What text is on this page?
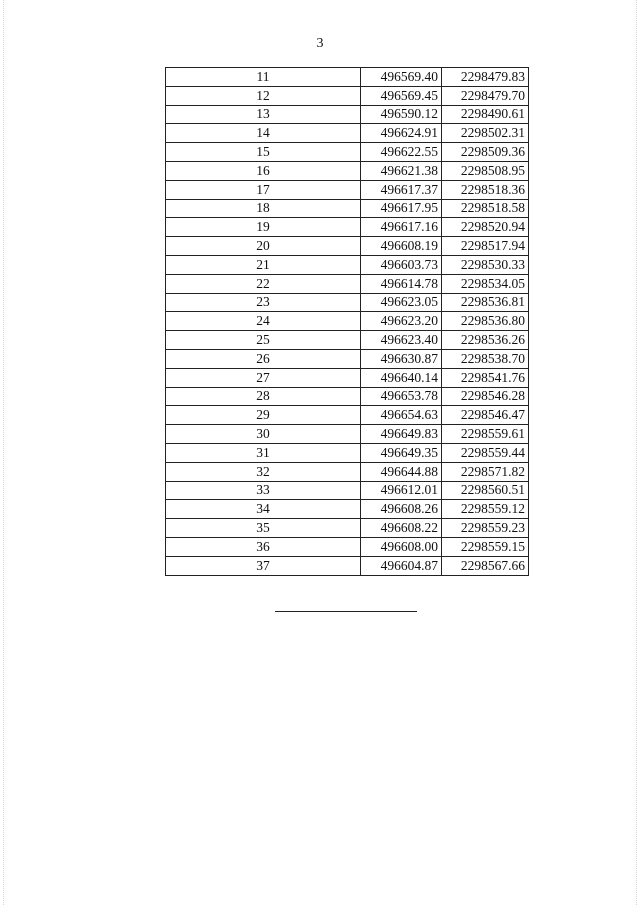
3
11	496569.40	2298479.83
12	496569.45	2298479.70
13	496590.12	2298490.61
14	496624.91	2298502.31
15	496622.55	2298509.36
16	496621.38	2298508.95
17	496617.37	2298518.36
18	496617.95	2298518.58
19	496617.16	2298520.94
20	496608.19	2298517.94
21	496603.73	2298530.33
22	496614.78	2298534.05
23	496623.05	2298536.81
24	496623.20	2298536.80
25	496623.40	2298536.26
26	496630.87	2298538.70
27	496640.14	2298541.76
28	496653.78	2298546.28
29	496654.63	2298546.47
30	496649.83	2298559.61
31	496649.35	2298559.44
32	496644.88	2298571.82
33	496612.01	2298560.51
34	496608.26	2298559.12
35	496608.22	2298559.23
36	496608.00	2298559.15
37	496604.87	2298567.66
